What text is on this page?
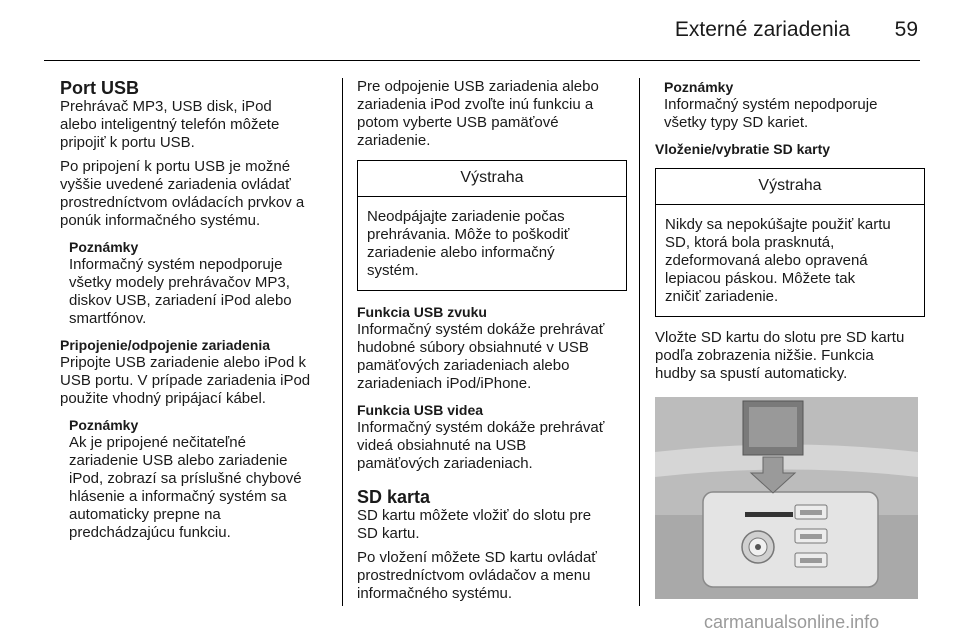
Externé zariadenia	59
Port USB

Prehrávač MP3, USB disk, iPod
alebo inteligentný telefón môžete
pripojiť k portu USB.

Po pripojení k portu USB je možné
vyššie uvedené zariadenia ovládať
prostredníctvom ovládacích prvkov a
ponúk informačného systému.

Poznámky

Informačný systém nepodporuje
všetky modely prehrávačov MP3,
diskov USB, zariadení iPod alebo
smartfónov.

Pripojenie/odpojenie zariadenia

Pripojte USB zariadenie alebo iPod k
USB portu. V prípade zariadenia iPod
použite vhodný pripájací kábel.

Poznámky

Ak je pripojené nečitateľné
zariadenie USB alebo zariadenie
iPod, zobrazí sa príslušné chybové
hlásenie a informačný systém sa
automaticky prepne na
predchádzajúcu funkciu.

Pre odpojenie USB zariadenia alebo
zariadenia iPod zvoľte inú funkciu a
potom vyberte USB pamäťové
zariadenie.

Výstraha
Neodpájajte zariadenie počas
prehrávania. Môže to poškodiť
zariadenie alebo informačný
systém.
Funkcia USB zvuku

Informačný systém dokáže prehrávať
hudobné súbory obsiahnuté v USB
pamäťových zariadeniach alebo
zariadeniach iPod/iPhone.

Funkcia USB videa

Informačný systém dokáže prehrávať
videá obsiahnuté na USB
pamäťových zariadeniach.

SD karta

SD kartu môžete vložiť do slotu pre
SD kartu.

Po vložení môžete SD kartu ovládať
prostredníctvom ovládačov a menu
informačného systému.

Poznámky

Informačný systém nepodporuje
všetky typy SD kariet.

Vloženie/vybratie SD karty
Výstraha
Nikdy sa nepokúšajte použiť kartu
SD, ktorá bola prasknutá,
zdeformovaná alebo opravená
lepiacou páskou. Môžete tak
zničiť zariadenie.

Vložte SD kartu do slotu pre SD kartu
podľa zobrazenia nižšie. Funkcia
hudby sa spustí automaticky.

carmanualsonline.info
